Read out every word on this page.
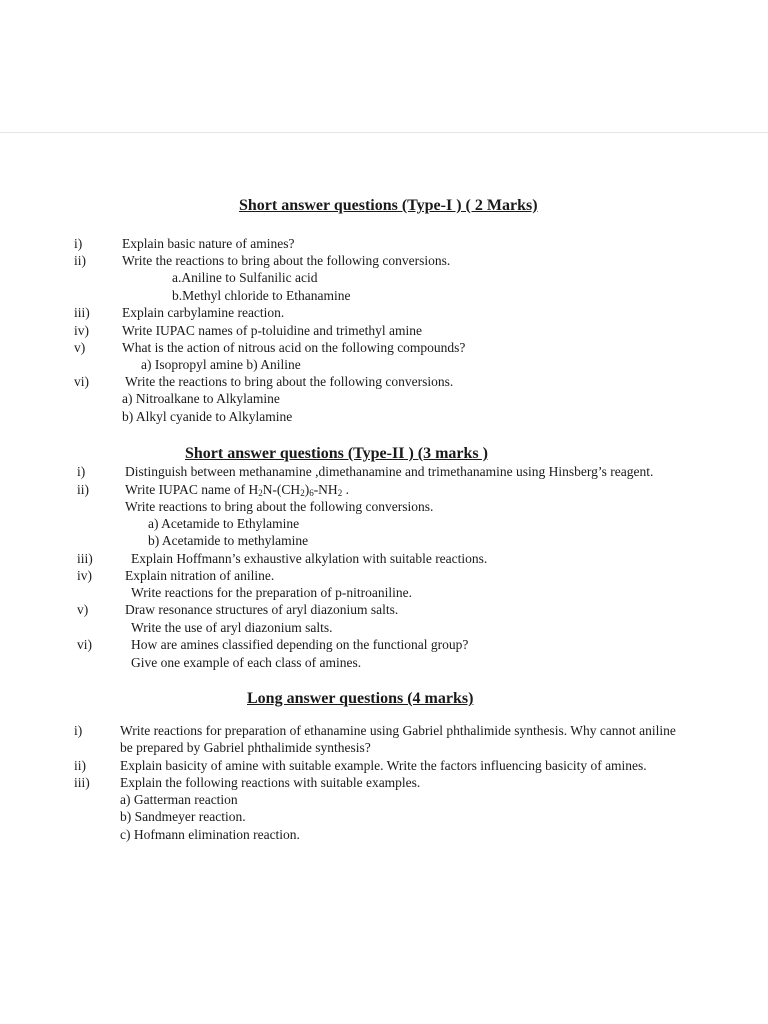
Short answer questions (Type-I ) ( 2 Marks)
i)	Explain basic nature of amines?
ii)	Write the reactions to bring about the following conversions.
a.Aniline to Sulfanilic acid
b.Methyl chloride to Ethanamine
iii) Explain carbylamine reaction.
iv) Write IUPAC names of p-toluidine and trimethyl amine
v)	What is the action of nitrous acid on the following compounds?
a) Isopropyl amine b) Aniline
vi)	Write the reactions to bring about the following conversions.
a) Nitroalkane to Alkylamine
b) Alkyl cyanide to Alkylamine
Short answer questions (Type-II ) (3 marks )
i)	Distinguish between methanamine ,dimethanamine and trimethanamine using Hinsberg’s reagent.
ii)	Write IUPAC name of $H_2N-(CH_2)_6-NH_2$ .
Write reactions to bring about the following conversions.
a) Acetamide to Ethylamine
b) Acetamide to methylamine
iii)	Explain Hoffmann’s exhaustive alkylation with suitable reactions.
iv) Explain nitration of aniline.
Write reactions for the preparation of p-nitroaniline.
v)	Draw resonance structures of aryl diazonium salts.
Write the use of aryl diazonium salts.
vi)	How are amines classified depending on the functional group?
Give one example of each class of amines.
Long answer questions (4 marks)
i)	Write reactions for preparation of ethanamine using Gabriel phthalimide synthesis. Why cannot aniline
be prepared by Gabriel phthalimide synthesis?
ii)	Explain basicity of amine with suitable example. Write the factors influencing basicity of amines.
iii) Explain the following reactions with suitable examples.
a) Gatterman reaction
b) Sandmeyer reaction.
c) Hofmann elimination reaction.
